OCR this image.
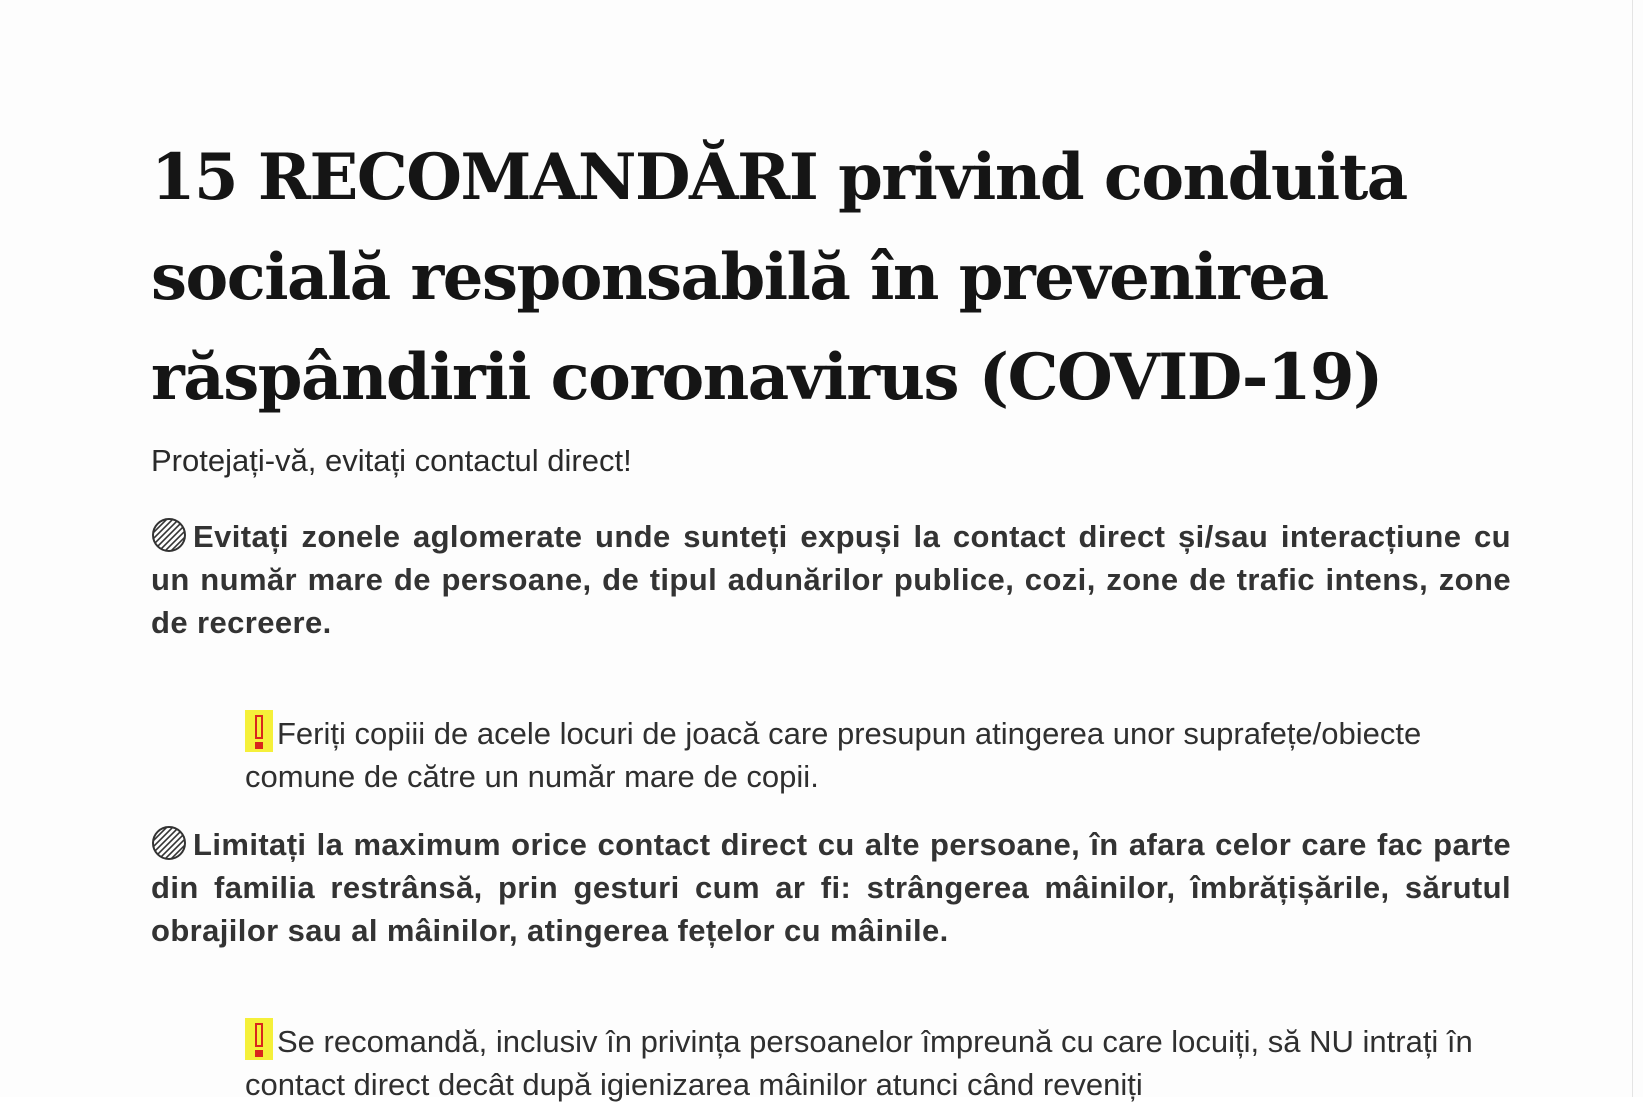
15 RECOMANDĂRI privind conduita
socială responsabilă în prevenirea
răspândirii coronavirus (COVID-19)
Protejați-vă, evitați contactul direct!
Evitați zonele aglomerate unde sunteți expuși la contact direct și/sau interacțiune cu un număr mare de persoane, de tipul adunărilor publice, cozi, zone de trafic intens, zone de recreere.
Feriți copiii de acele locuri de joacă care presupun atingerea unor suprafețe/obiecte comune de către un număr mare de copii.
Limitați la maximum orice contact direct cu alte persoane, în afara celor care fac parte din familia restrânsă, prin gesturi cum ar fi: strângerea mâinilor, îmbrățișările, sărutul obrajilor sau al mâinilor, atingerea fețelor cu mâinile.
Se recomandă, inclusiv în privința persoanelor împreună cu care locuiți, să NU intrați în contact direct decât după igienizarea mâinilor atunci când reveniți
